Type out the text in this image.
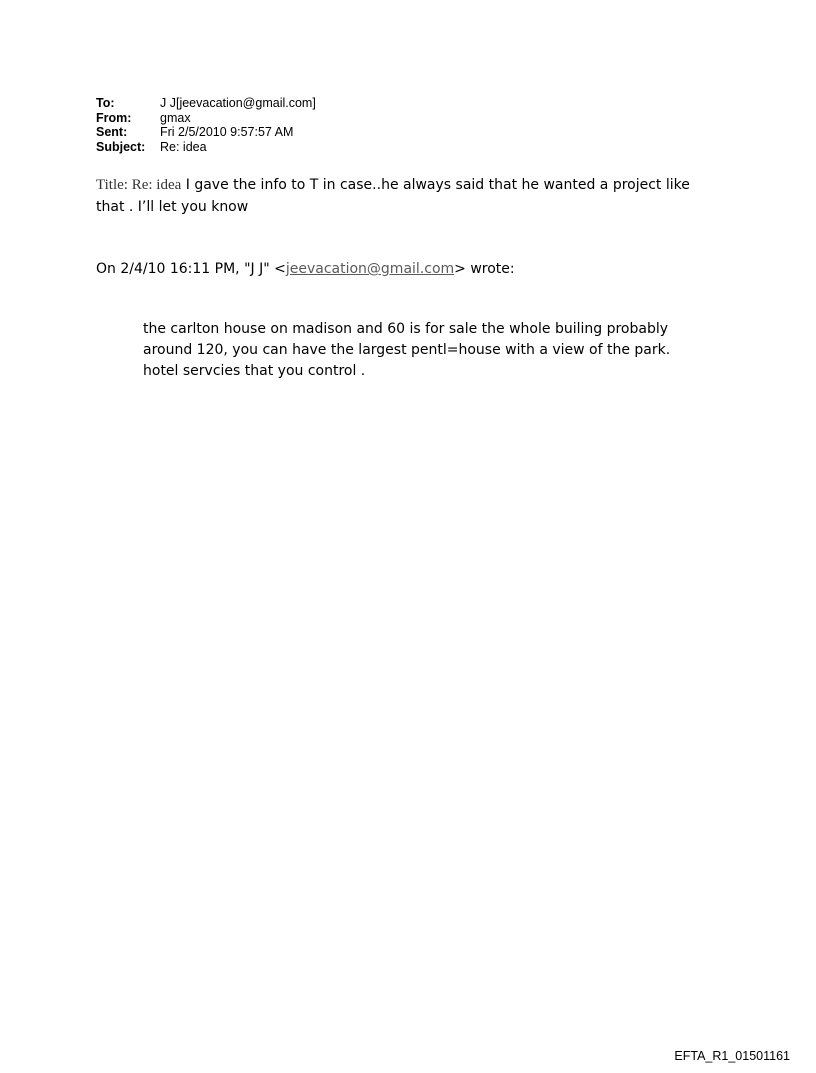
To:	J J[jeevacation@gmail.com]
From:	gmax
Sent:	Fri 2/5/2010 9:57:57 AM
Subject:	Re: idea
Title: Re: idea I gave the info to T in case..he always said that he wanted a project like that . I’ll let you know
On 2/4/10 16:11 PM, "J J" <jeevacation@gmail.com> wrote:
the carlton house on madison and 60 is for sale the whole builing probably around 120, you can have the largest pentl=house with a view of the park. hotel servcies that you control .
EFTA_R1_01501161
